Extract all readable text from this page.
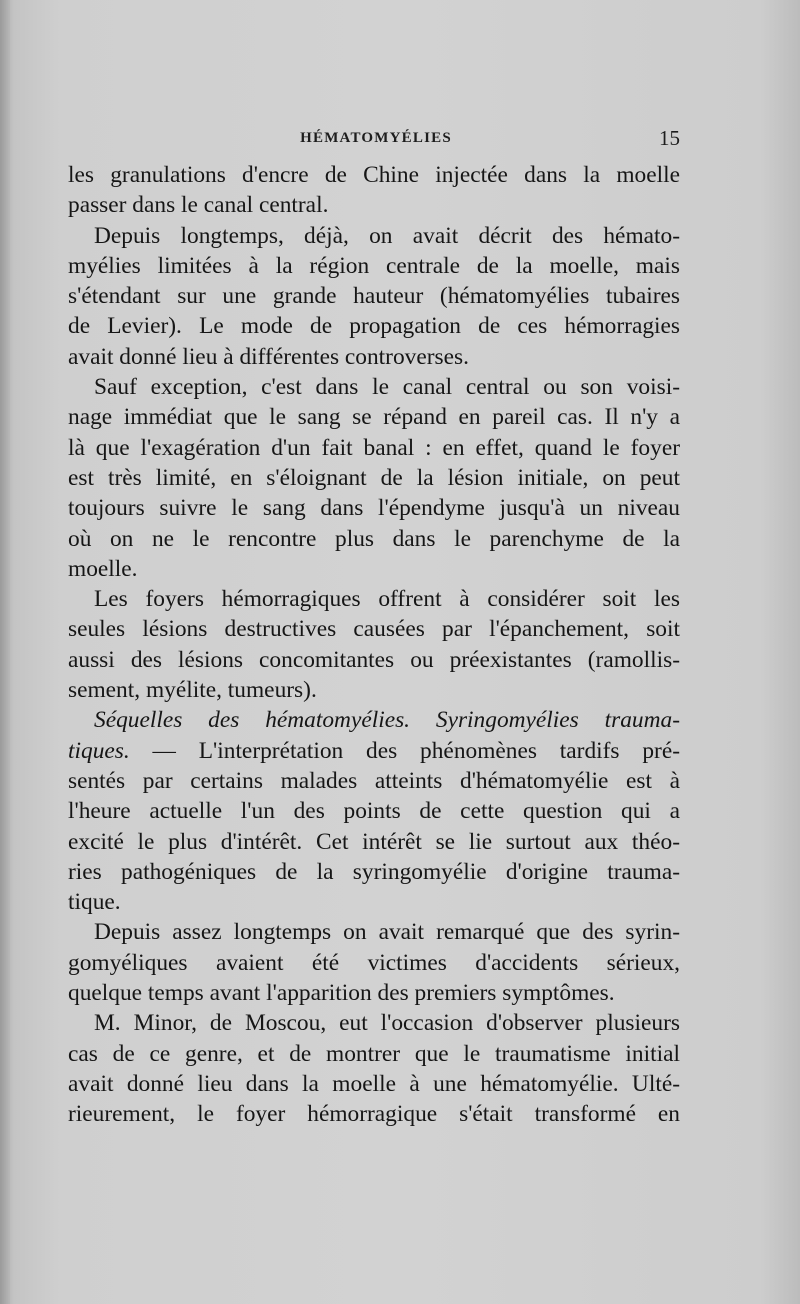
HÉMATOMYÉLIES	15
les granulations d'encre de Chine injectée dans la moelle
passer dans le canal central.
Depuis longtemps, déjà, on avait décrit des hémato-
myélies limitées à la région centrale de la moelle, mais
s'étendant sur une grande hauteur (hématomyélies tubaires
de Levier). Le mode de propagation de ces hémorragies
avait donné lieu à différentes controverses.
Sauf exception, c'est dans le canal central ou son voisi-
nage immédiat que le sang se répand en pareil cas. Il n'y a
là que l'exagération d'un fait banal : en effet, quand le foyer
est très limité, en s'éloignant de la lésion initiale, on peut
toujours suivre le sang dans l'épendyme jusqu'à un niveau
où on ne le rencontre plus dans le parenchyme de la
moelle.
Les foyers hémorragiques offrent à considérer soit les
seules lésions destructives causées par l'épanchement, soit
aussi des lésions concomitantes ou préexistantes (ramollis-
sement, myélite, tumeurs).
Séquelles des hématomyélies. Syringomyélies trauma-
tiques. — L'interprétation des phénomènes tardifs pré-
sentés par certains malades atteints d'hématomyélie est à
l'heure actuelle l'un des points de cette question qui a
excité le plus d'intérêt. Cet intérêt se lie surtout aux théo-
ries pathogéniques de la syringomyélie d'origine trauma-
tique.
Depuis assez longtemps on avait remarqué que des syrin-
gomyéliques avaient été victimes d'accidents sérieux,
quelque temps avant l'apparition des premiers symptômes.
M. Minor, de Moscou, eut l'occasion d'observer plusieurs
cas de ce genre, et de montrer que le traumatisme initial
avait donné lieu dans la moelle à une hématomyélie. Ulté-
rieurement, le foyer hémorragique s'était transformé en
